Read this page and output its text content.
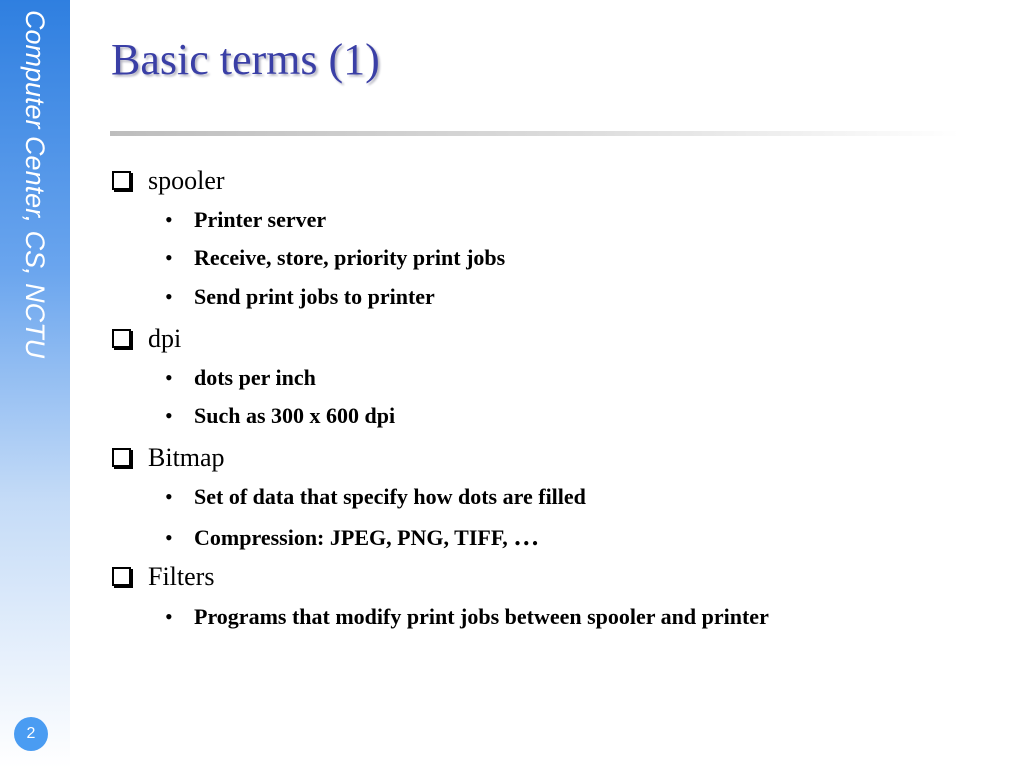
Computer Center, CS, NCTU
2
Basic terms (1)
spooler
• Printer server
• Receive, store, priority print jobs
• Send print jobs to printer
dpi
• dots per inch
• Such as 300 x 600 dpi
Bitmap
• Set of data that specify how dots are filled
• Compression: JPEG, PNG, TIFF, …
Filters
• Programs that modify print jobs between spooler and printer
